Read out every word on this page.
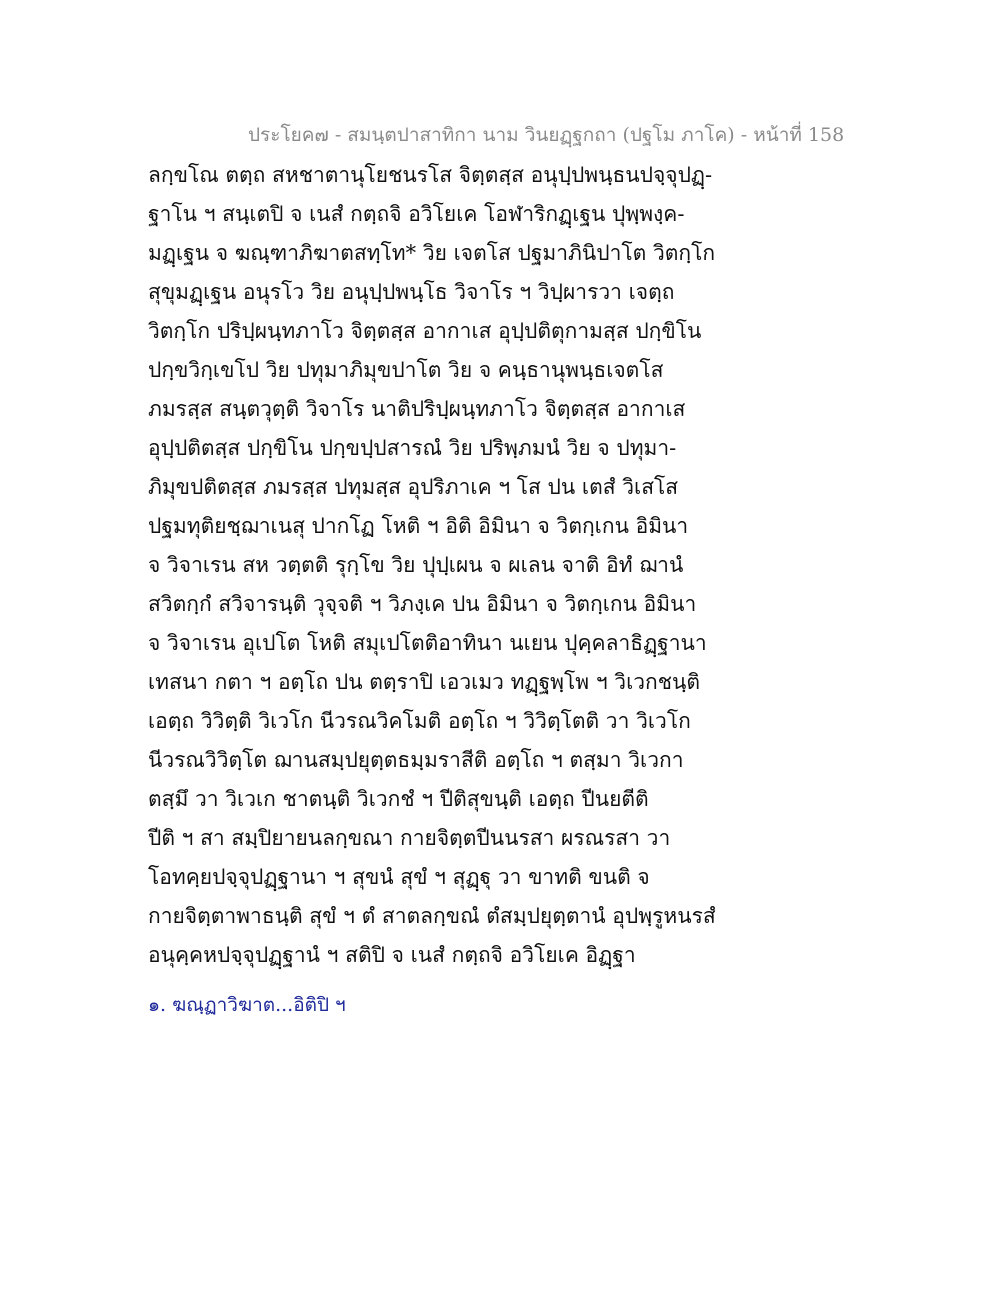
ประโยค๗ - สมนฺตปาสาทิกา นาม วินยฏฺฐกถา (ปฐโม ภาโค) - หน้าที่ 158
ลกฺขโณ ตตฺถ สหชาตานุโยชนรโส จิตฺตสฺส อนุปฺปพนฺธนปจฺจุปฏฺ-
ฐาโน ฯ สนฺเตปิ จ เนสํ กตฺถจิ อวิโยเค โอฬาริกฏฺเฐน ปุพฺพงฺค-
มฏฺเฐน จ ฆณฺฑาภิฆาตสทฺโท* วิย เจตโส ปฐมาภินิปาโต วิตกฺโก
สุขุมฏฺเฐน อนุรโว วิย อนุปฺปพนฺโธ วิจาโร ฯ วิปฺผารวา เจตฺถ
วิตกฺโก ปริปฺผนฺทภาโว จิตฺตสฺส อากาเส อุปฺปติตุกามสฺส ปกฺขิโน
ปกฺขวิกฺเขโป วิย ปทุมาภิมุขปาโต วิย จ คนฺธานุพนฺธเจตโส
ภมรสฺส สนฺตวุตฺติ วิจาโร นาติปริปฺผนฺทภาโว จิตฺตสฺส อากาเส
อุปฺปติตสฺส ปกฺขิโน ปกฺขปฺปสารณํ วิย ปริพฺภมนํ วิย จ ปทุมา-
ภิมุขปติตสฺส ภมรสฺส ปทุมสฺส อุปริภาเค ฯ โส ปน เตสํ วิเสโส
ปฐมทุติยชฺฌาเนสุ ปากโฏ โหติ ฯ อิติ อิมินา จ วิตกฺเกน อิมินา
จ วิจาเรน สห วตฺตติ รุกฺโข วิย ปุปฺเผน จ ผเลน จาติ อิทํ ฌานํ
สวิตกฺกํ สวิจารนฺติ วุจฺจติ ฯ วิภงฺเค ปน อิมินา จ วิตกฺเกน อิมินา
จ วิจาเรน อุเปโต โหติ สมุเปโตติอาทินา นเยน ปุคฺคลาธิฏฺฐานา
เทสนา กตา ฯ อตฺโถ ปน ตตฺราปิ เอวเมว ทฏฺฐพฺโพ ฯ วิเวกชนฺติ
เอตฺถ วิวิตฺติ วิเวโก นีวรณวิคโมติ อตฺโถ ฯ วิวิตฺโตติ วา วิเวโก
นีวรณวิวิตฺโต ฌานสมฺปยุตฺตธมฺมราสีติ อตฺโถ ฯ ตสฺมา วิเวกา
ตสฺมึ วา วิเวเก ชาตนฺติ วิเวกชํ ฯ ปีติสุขนฺติ เอตฺถ ปีนยตีติ
ปีติ ฯ สา สมฺปิยายนลกฺขณา กายจิตฺตปีนนรสา ผรณรสา วา
โอทคฺยปจฺจุปฏฺฐานา ฯ สุขนํ สุขํ ฯ สุฏฺฐุ วา ขาทติ ขนติ จ
กายจิตฺตาพาธนฺติ สุขํ ฯ ตํ สาตลกฺขณํ ตํสมฺปยุตฺตานํ อุปพฺรูหนรสํ
อนุคฺคหปจฺจุปฏฺฐานํ ฯ สติปิ จ เนสํ กตฺถจิ อวิโยเค อิฏฺฐา
๑. ฆณฺฏาวิฆาต...อิติปิ ฯ
